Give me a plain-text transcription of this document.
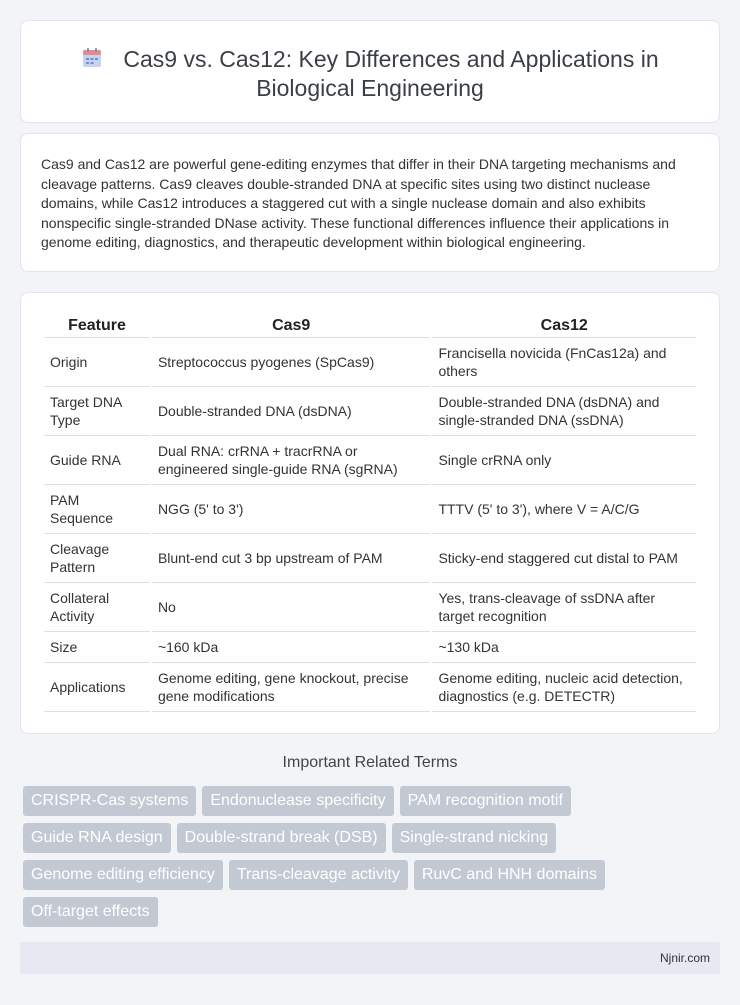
Cas9 vs. Cas12: Key Differences and Applications in Biological Engineering

Cas9 and Cas12 are powerful gene-editing enzymes that differ in their DNA targeting mechanisms and cleavage patterns. Cas9 cleaves double-stranded DNA at specific sites using two distinct nuclease domains, while Cas12 introduces a staggered cut with a single nuclease domain and also exhibits nonspecific single-stranded DNase activity. These functional differences influence their applications in genome editing, diagnostics, and therapeutic development within biological engineering.

Feature	Cas9	Cas12
Origin	Streptococcus pyogenes (SpCas9)	Francisella novicida (FnCas12a) and others
Target DNA Type	Double-stranded DNA (dsDNA)	Double-stranded DNA (dsDNA) and single-stranded DNA (ssDNA)
Guide RNA	Dual RNA: crRNA + tracrRNA or engineered single-guide RNA (sgRNA)	Single crRNA only
PAM Sequence	NGG (5' to 3')	TTTV (5' to 3'), where V = A/C/G
Cleavage Pattern	Blunt-end cut 3 bp upstream of PAM	Sticky-end staggered cut distal to PAM
Collateral Activity	No	Yes, trans-cleavage of ssDNA after target recognition
Size	~160 kDa	~130 kDa
Applications	Genome editing, gene knockout, precise gene modifications	Genome editing, nucleic acid detection, diagnostics (e.g. DETECTR)
Important Related Terms
CRISPR-Cas systems	Endonuclease specificity	PAM recognition motif
Guide RNA design	Double-strand break (DSB)	Single-strand nicking
Genome editing efficiency	Trans-cleavage activity	RuvC and HNH domains
Off-target effects
Njnir.com
